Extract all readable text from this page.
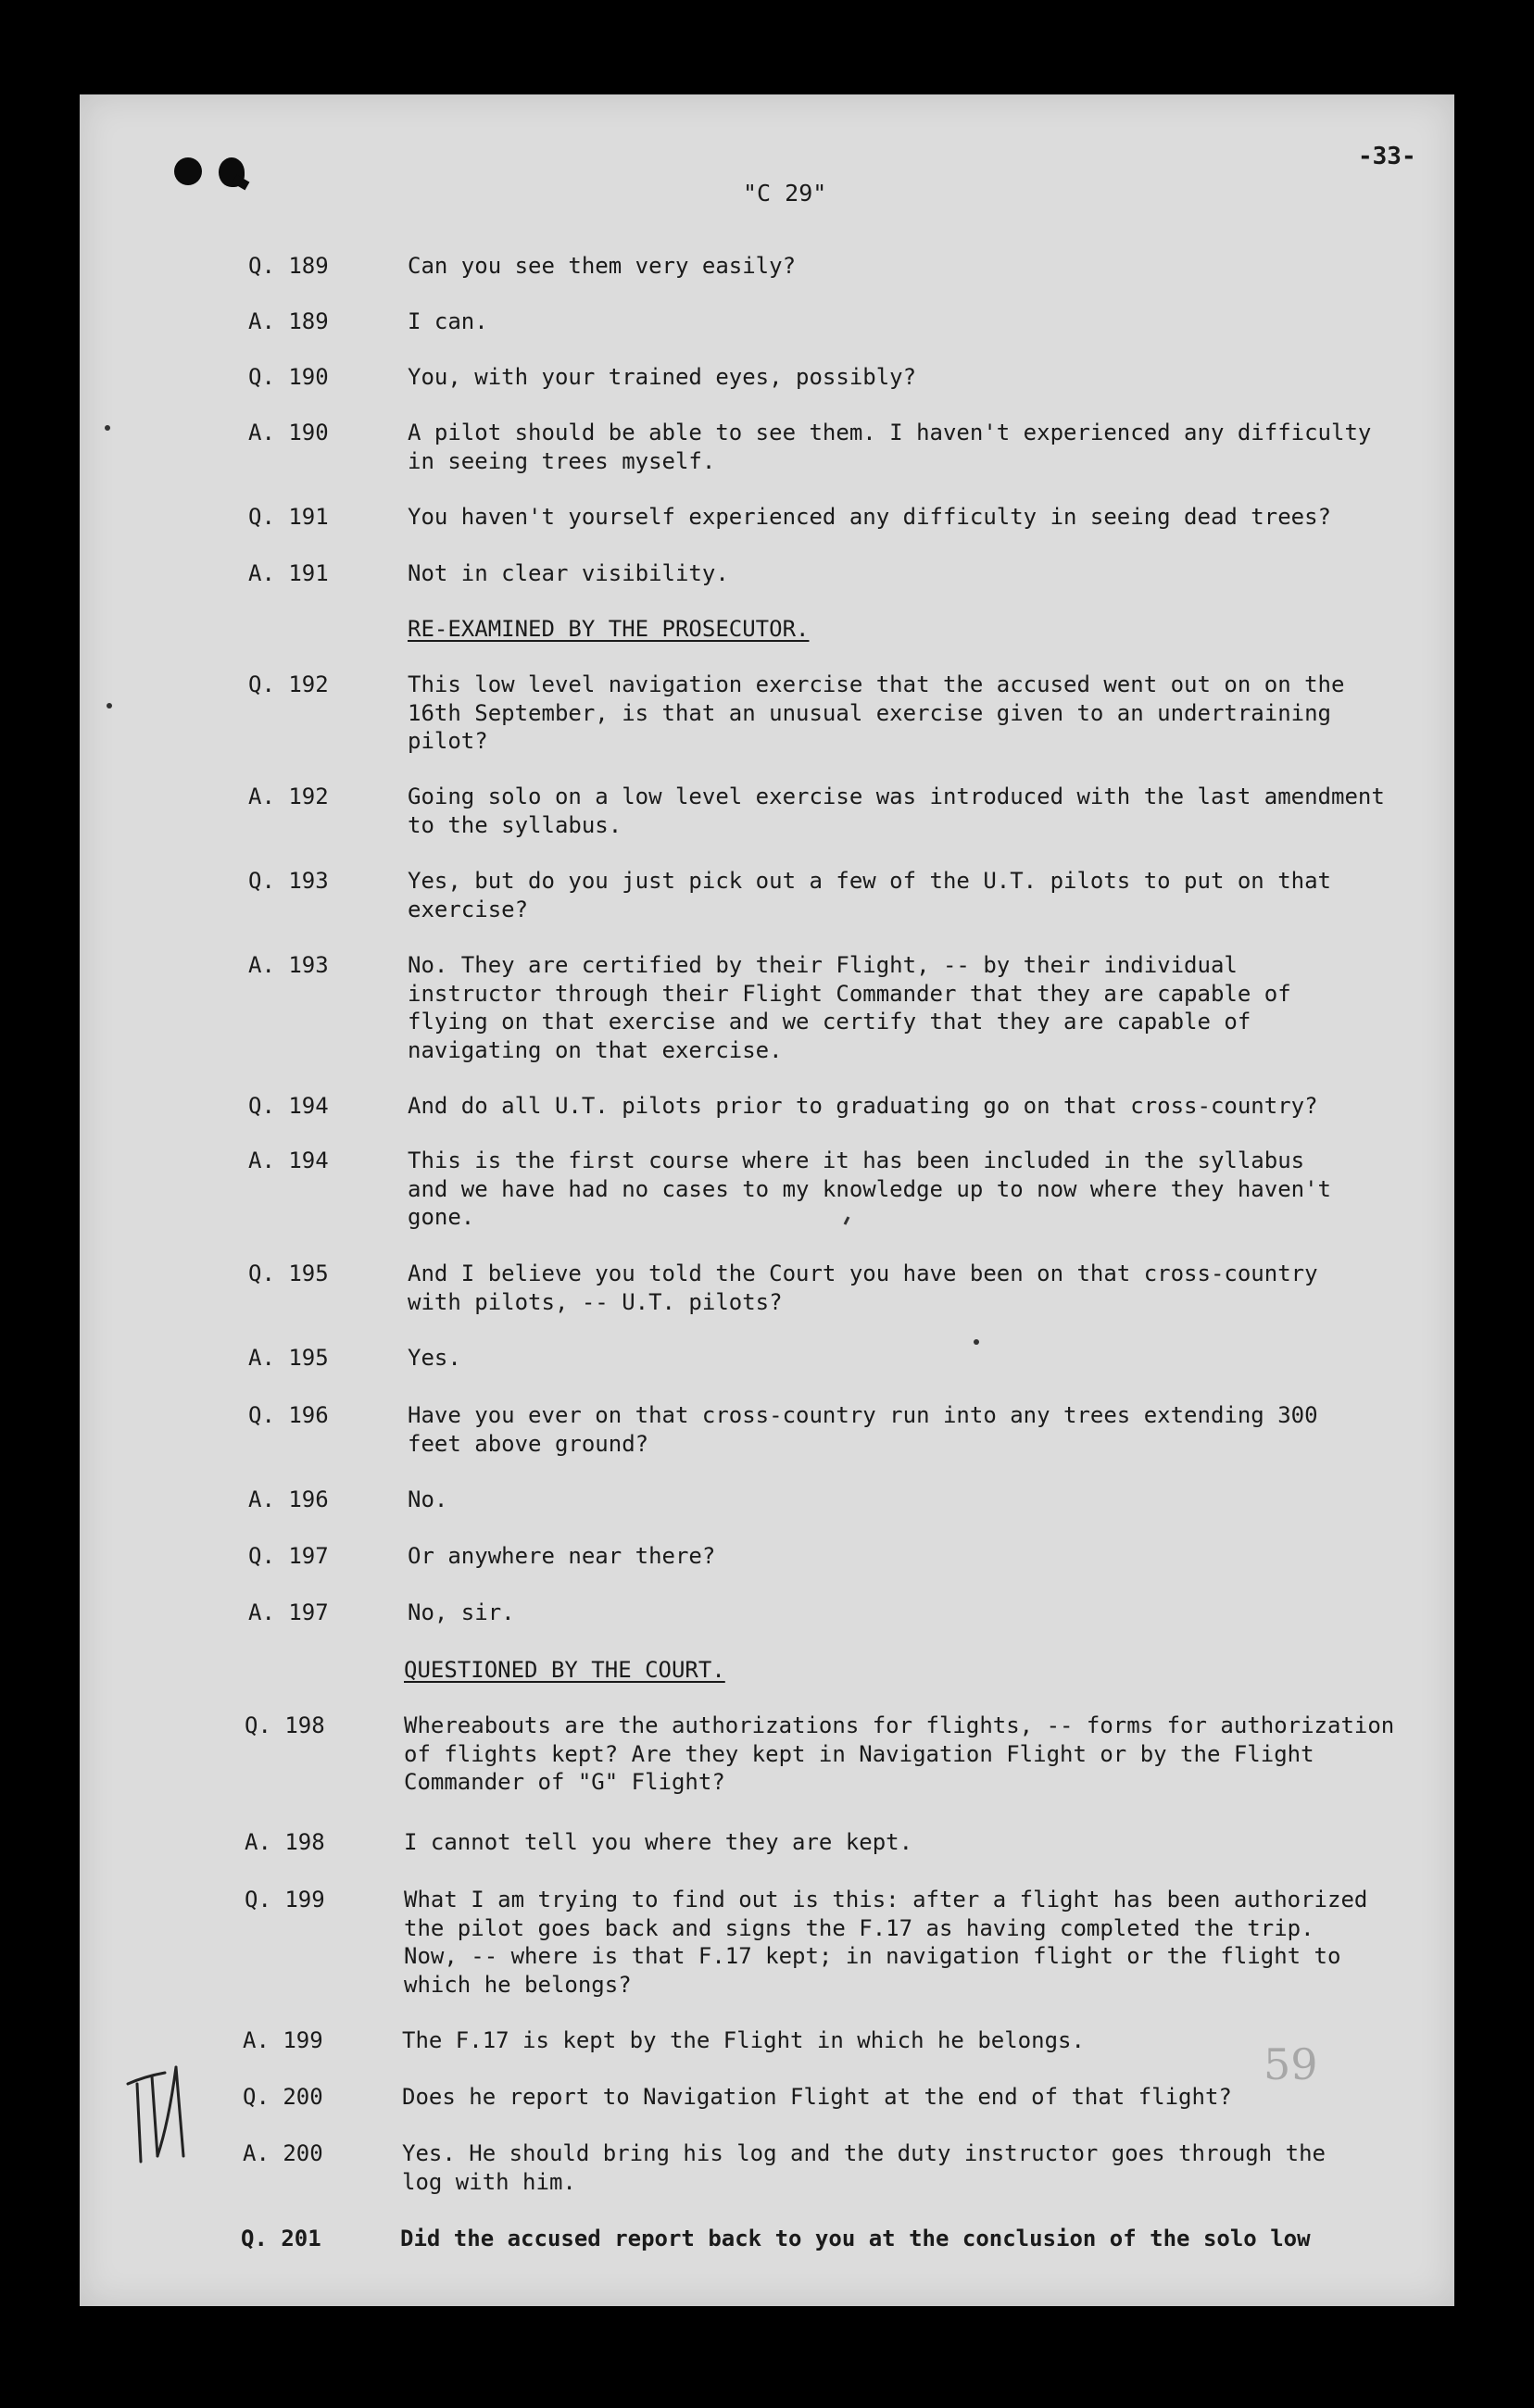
-33-
"C 29"
Q. 189	Can you see them very easily?
A. 189	I can.
Q. 190	You, with your trained eyes, possibly?
A. 190	A pilot should be able to see them. I haven't experienced any difficulty
in seeing trees myself.
Q. 191	You haven't yourself experienced any difficulty in seeing dead trees?
A. 191	Not in clear visibility.
RE-EXAMINED BY THE PROSECUTOR.
Q. 192	This low level navigation exercise that the accused went out on on the
16th September, is that an unusual exercise given to an undertraining
pilot?
A. 192	Going solo on a low level exercise was introduced with the last amendment
to the syllabus.
Q. 193	Yes, but do you just pick out a few of the U.T. pilots to put on that
exercise?
A. 193	No. They are certified by their Flight, -- by their individual
instructor through their Flight Commander that they are capable of
flying on that exercise and we certify that they are capable of
navigating on that exercise.
Q. 194	And do all U.T. pilots prior to graduating go on that cross-country?
A. 194	This is the first course where it has been included in the syllabus
and we have had no cases to my knowledge up to now where they haven't
gone.
Q. 195	And I believe you told the Court you have been on that cross-country
with pilots, -- U.T. pilots?
A. 195	Yes.
Q. 196	Have you ever on that cross-country run into any trees extending 300
feet above ground?
A. 196	No.
Q. 197	Or anywhere near there?
A. 197	No, sir.
QUESTIONED BY THE COURT.
Q. 198	Whereabouts are the authorizations for flights, -- forms for authorization
of flights kept? Are they kept in Navigation Flight or by the Flight
Commander of "G" Flight?
A. 198	I cannot tell you where they are kept.
Q. 199	What I am trying to find out is this: after a flight has been authorized
the pilot goes back and signs the F.17 as having completed the trip.
Now, -- where is that F.17 kept; in navigation flight or the flight to
which he belongs?
A. 199	The F.17 is kept by the Flight in which he belongs.
Q. 200	Does he report to Navigation Flight at the end of that flight?
A. 200	Yes. He should bring his log and the duty instructor goes through the
log with him.
Q. 201	Did the accused report back to you at the conclusion of the solo low
59
